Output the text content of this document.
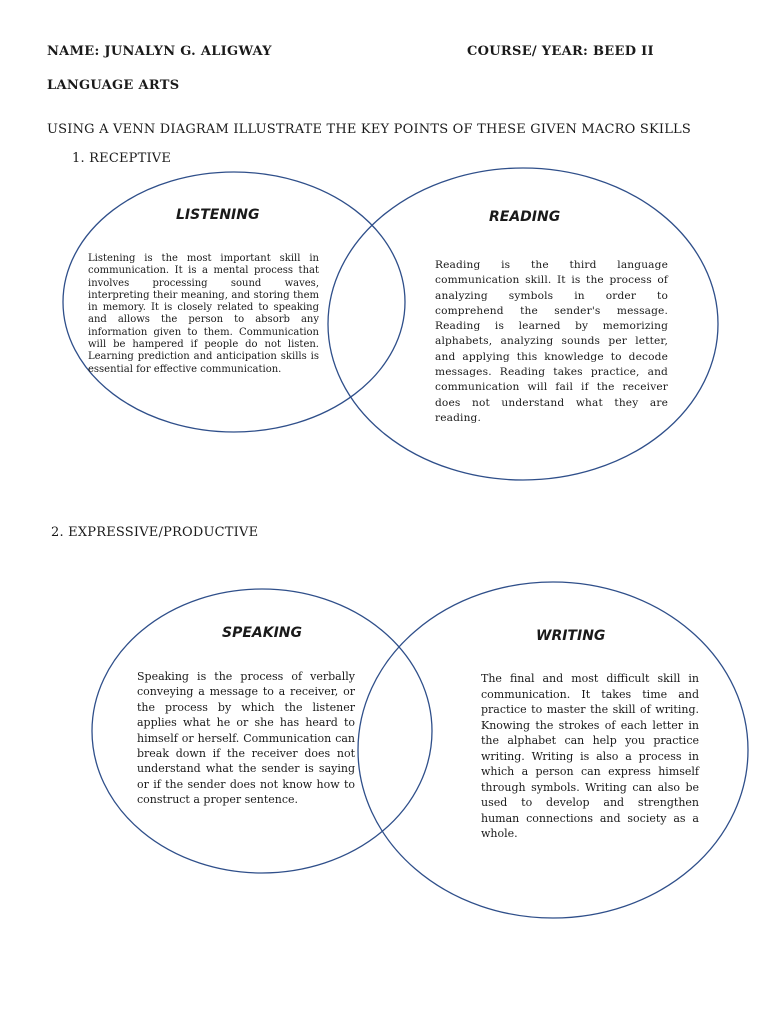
NAME: JUNALYN G. ALIGWAY	COURSE/ YEAR: BEED II
LANGUAGE ARTS
USING A VENN DIAGRAM ILLUSTRATE THE KEY POINTS OF THESE GIVEN MACRO SKILLS
1. RECEPTIVE
2. EXPRESSIVE/PRODUCTIVE
LISTENING
Listening is the most important skill in communication. It is a mental process that involves processing sound waves, interpreting their meaning, and storing them in memory. It is closely related to speaking and allows the person to absorb any information given to them. Communication will be hampered if people do not listen. Learning prediction and anticipation skills is essential for effective communication.
READING
Reading is the third language communication skill. It is the process of analyzing symbols in order to comprehend the sender's message. Reading is learned by memorizing alphabets, analyzing sounds per letter, and applying this knowledge to decode messages. Reading takes practice, and communication will fail if the receiver does not understand what they are reading.
SPEAKING
Speaking is the process of verbally conveying a message to a receiver, or the process by which the listener applies what he or she has heard to himself or herself. Communication can break down if the receiver does not understand what the sender is saying or if the sender does not know how to construct a proper sentence.
WRITING
The final and most difficult skill in communication. It takes time and practice to master the skill of writing. Knowing the strokes of each letter in the alphabet can help you practice writing. Writing is also a process in which a person can express himself through symbols. Writing can also be used to develop and strengthen human connections and society as a whole.
